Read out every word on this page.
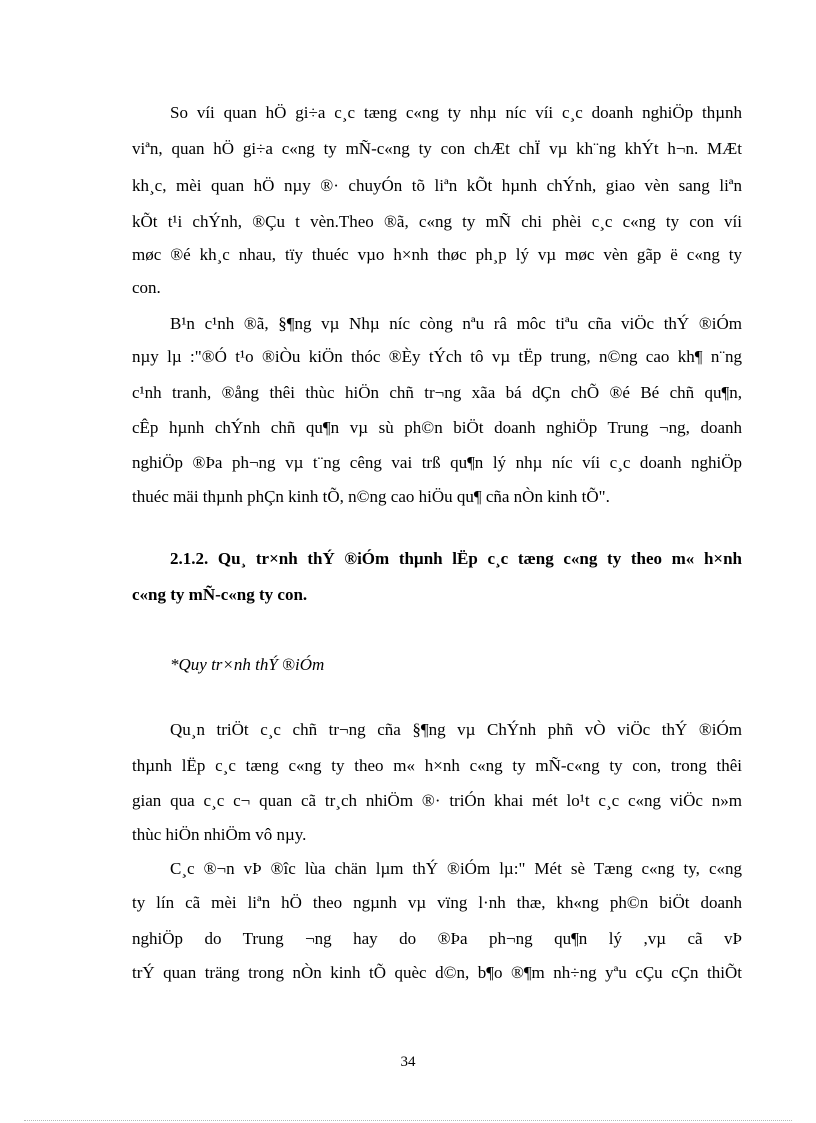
So víi quan hÖ gi÷a c¸c tæng c«ng ty nhµ níc víi c¸c doanh nghiÖp thµnh
viªn, quan hÖ gi÷a c«ng ty mÑ-c«ng ty con chÆt chÏ vµ kh¨ng khÝt h¬n. MÆt
kh¸c, mèi quan hÖ nµy ®· chuyÓn tõ liªn kÕt hµnh chÝnh, giao vèn sang liªn
kÕt t¹i chÝnh, ®Çu t vèn.Theo ®ã, c«ng ty mÑ chi phèi c¸c c«ng ty con víi
møc ®é kh¸c nhau, tïy thuéc vµo h×nh thøc ph¸p lý vµ møc vèn gãp ë c«ng ty
con.
B¹n c¹nh ®ã, §¶ng vµ Nhµ níc còng nªu râ môc tiªu cña viÖc thÝ ®iÓm
nµy lµ :"®Ó t¹o ®iÒu kiÖn thóc ®Èy tÝch tô vµ tËp trung, n©ng cao kh¶ n¨ng
c¹nh tranh, ®ång thêi thùc hiÖn chñ tr¬ng xãa bá dÇn chÕ ®é Bé chñ qu¶n,
cÊp hµnh chÝnh chñ qu¶n vµ sù ph©n biÖt doanh nghiÖp Trung ¬ng, doanh
nghiÖp ®Þa ph¬ng vµ t¨ng cêng vai trß qu¶n lý nhµ níc víi c¸c doanh nghiÖp
thuéc mäi thµnh phÇn kinh tÕ, n©ng cao hiÖu qu¶ cña nÒn kinh tÕ".
2.1.2. Qu¸ tr×nh thÝ ®iÓm thµnh lËp c¸c tæng c«ng ty theo m« h×nh
c«ng ty mÑ-c«ng ty con.
*Quy tr×nh thÝ ®iÓm
Qu¸n triÖt c¸c chñ tr¬ng cña §¶ng vµ ChÝnh phñ vÒ viÖc thÝ ®iÓm
thµnh lËp c¸c tæng c«ng ty theo m« h×nh c«ng ty mÑ-c«ng ty con, trong thêi
gian qua c¸c c¬ quan cã tr¸ch nhiÖm ®· triÓn khai mét lo¹t c¸c c«ng viÖc n»m
thùc hiÖn nhiÖm vô nµy.
C¸c ®¬n vÞ ®îc lùa chän lµm thÝ ®iÓm lµ:" Mét sè Tæng c«ng ty, c«ng
ty lín cã mèi liªn hÖ theo ngµnh vµ vïng l·nh thæ, kh«ng ph©n biÖt doanh
nghiÖp do Trung ¬ng hay do ®Þa ph¬ng qu¶n lý ,vµ cã vÞ
trÝ quan träng trong nÒn kinh tÕ quèc d©n, b¶o ®¶m nh÷ng yªu cÇu cÇn thiÕt
34
